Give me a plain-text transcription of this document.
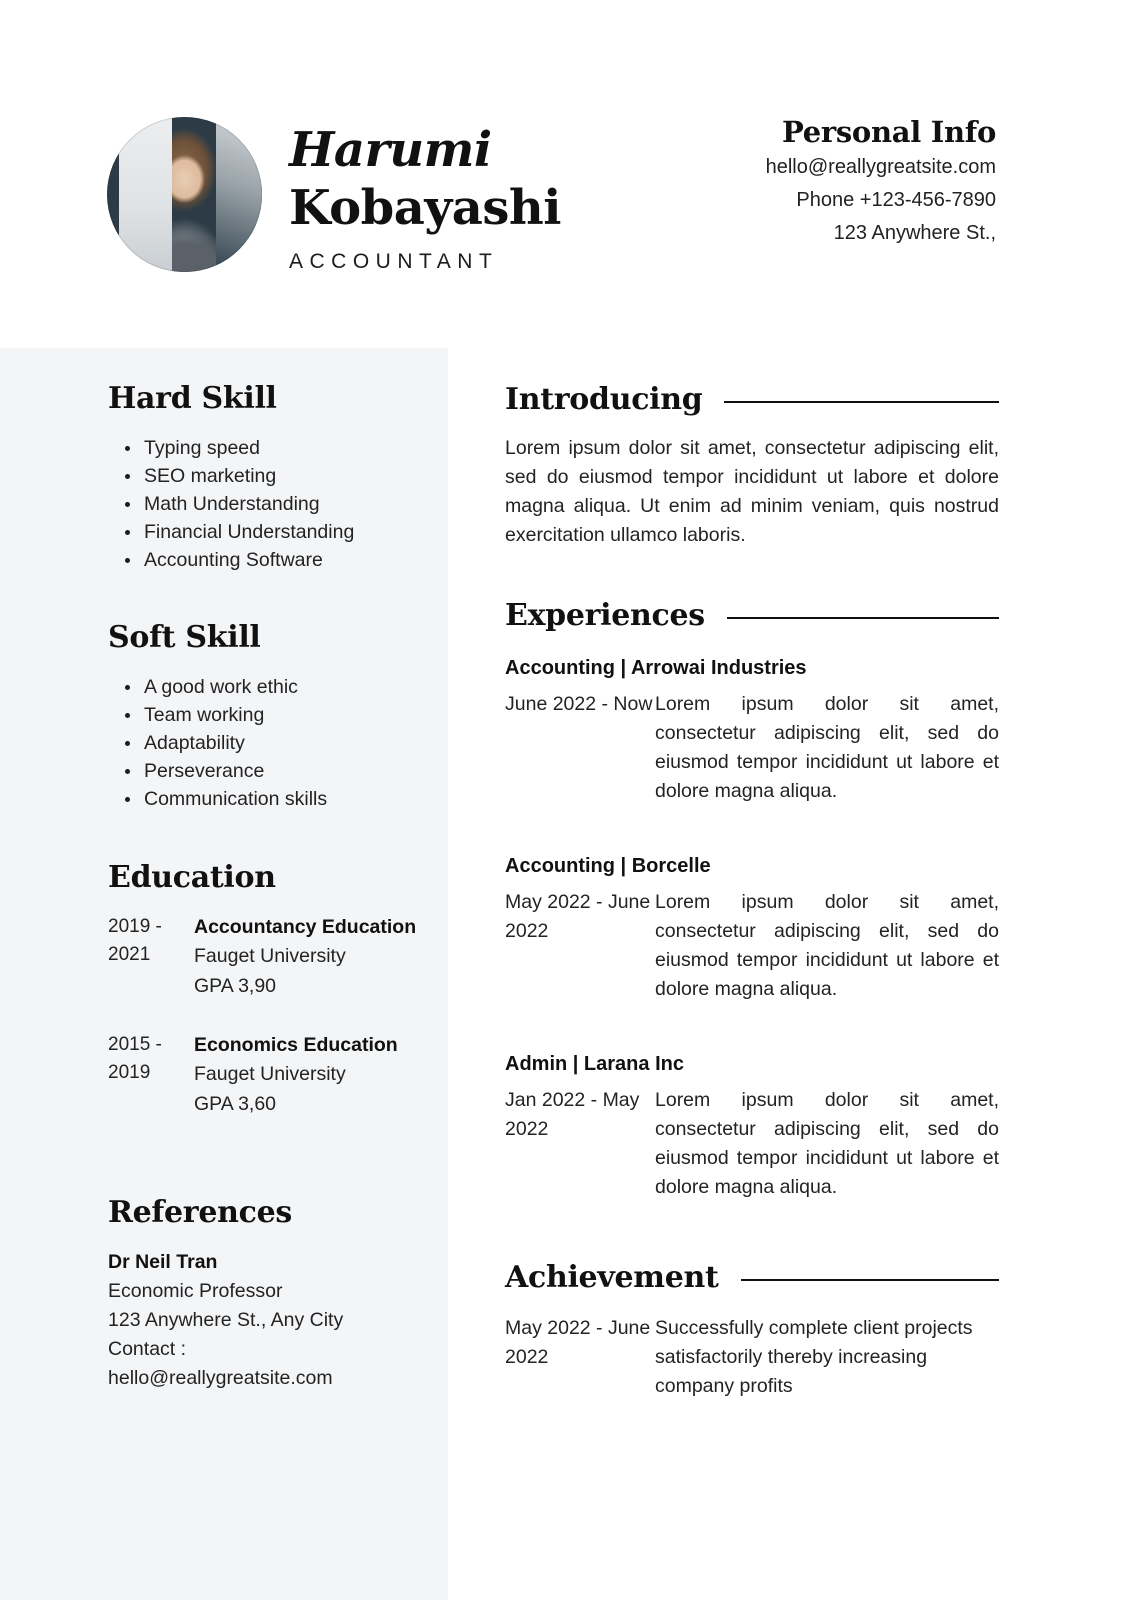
Harumi
Kobayashi
ACCOUNTANT
Personal Info
hello@reallygreatsite.com
Phone +123-456-7890
123 Anywhere St.,
Hard Skill
Typing speed
SEO marketing
Math Understanding
Financial Understanding
Accounting Software
Soft Skill
A good work ethic
Team working
Adaptability
Perseverance
Communication skills
Education
2019 - 2021
Accountancy Education
Fauget University
GPA 3,90
2015 - 2019
Economics Education
Fauget University
GPA 3,60
References
Dr Neil Tran
Economic Professor
123 Anywhere St., Any City
Contact :
hello@reallygreatsite.com
Introducing
Lorem ipsum dolor sit amet, consectetur adipiscing elit, sed do eiusmod tempor incididunt ut labore et dolore magna aliqua. Ut enim ad minim veniam, quis nostrud exercitation ullamco laboris.
Experiences
Accounting | Arrowai Industries
June 2022 - Now Lorem ipsum dolor sit amet, consectetur adipiscing elit, sed do eiusmod tempor incididunt ut labore et dolore magna aliqua.
Accounting | Borcelle
May 2022 - June 2022
Lorem ipsum dolor sit amet, consectetur adipiscing elit, sed do eiusmod tempor incididunt ut labore et dolore magna aliqua.
Admin | Larana Inc
Jan 2022 - May 2022
Lorem ipsum dolor sit amet, consectetur adipiscing elit, sed do eiusmod tempor incididunt ut labore et dolore magna aliqua.
Achievement
May 2022 - June 2022
Successfully complete client projects satisfactorily thereby increasing company profits
